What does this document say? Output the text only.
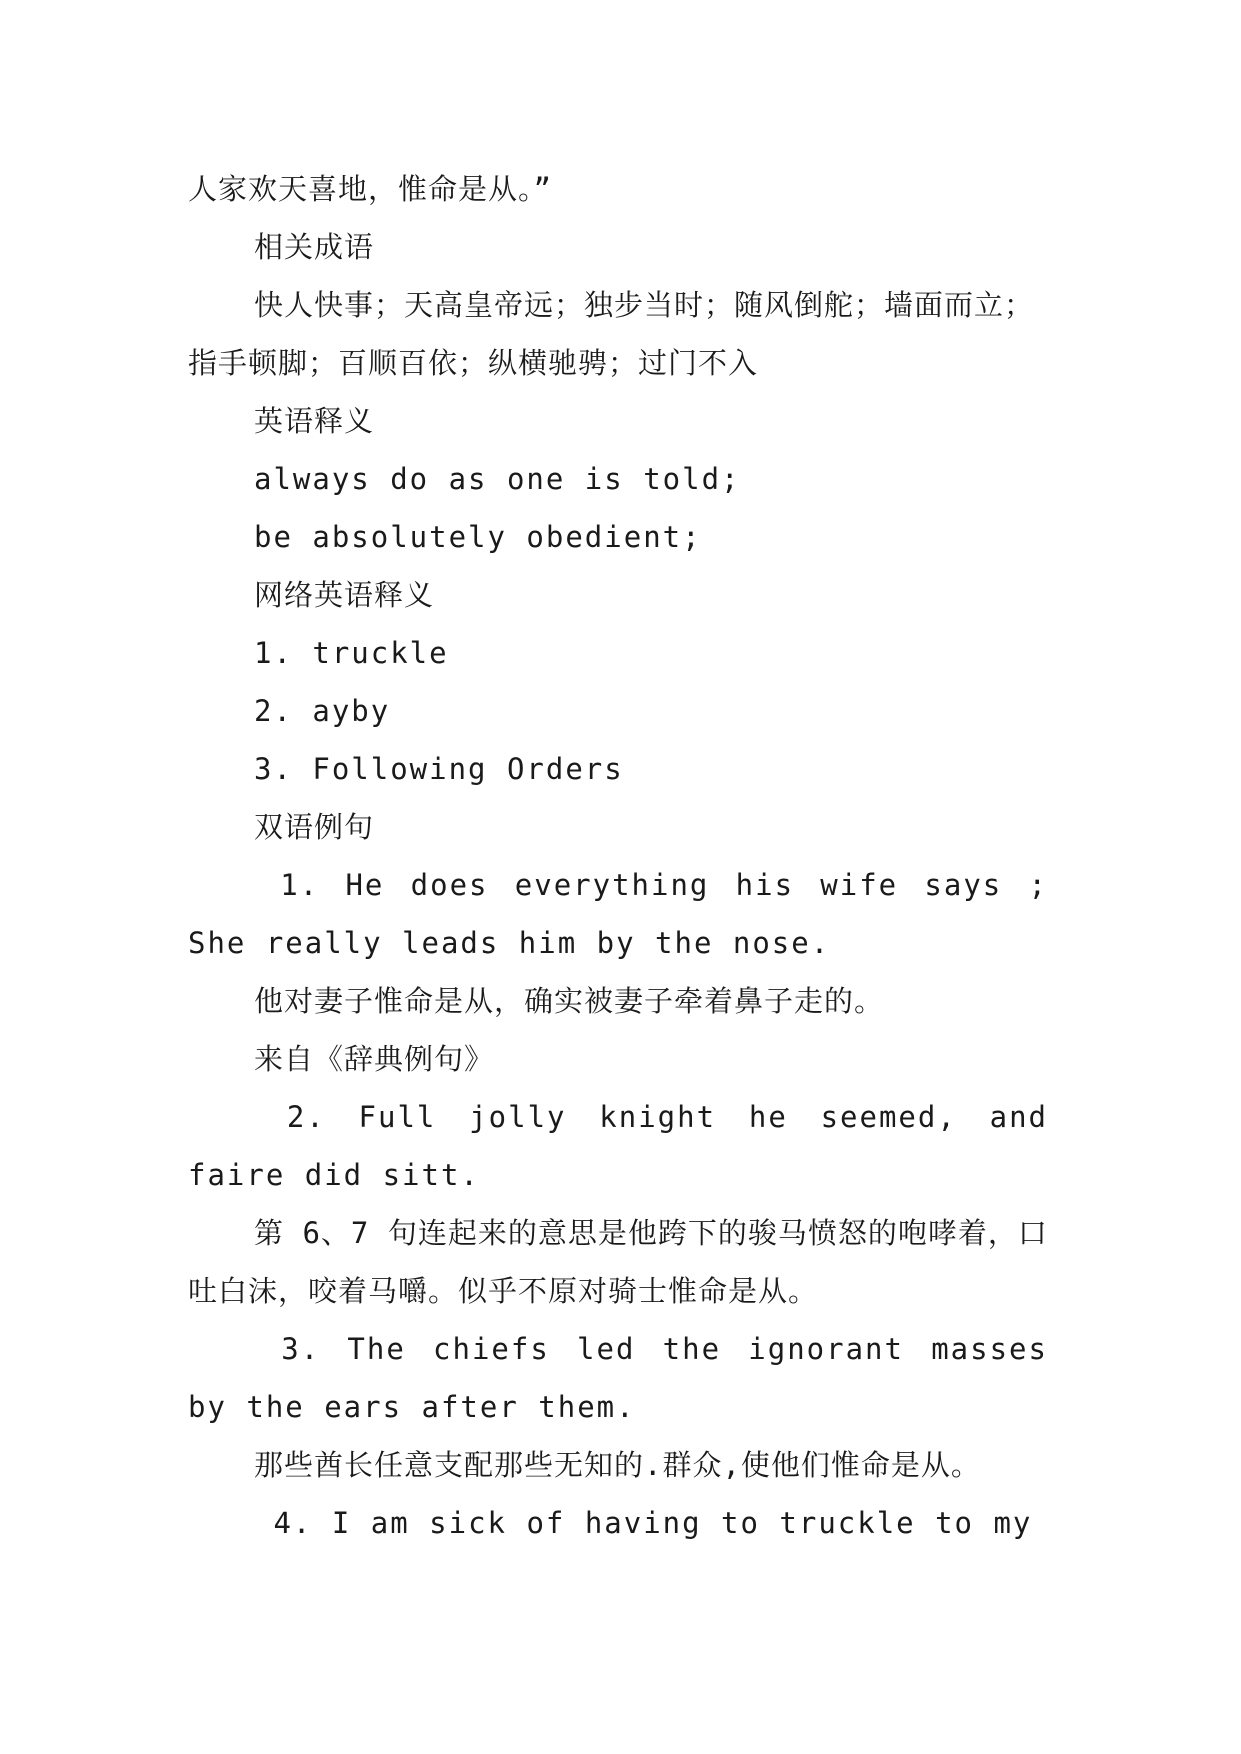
人家欢天喜地，惟命是从。”

相关成语

快人快事；天高皇帝远；独步当时；随风倒舵；墙面而立；指手顿脚；百顺百依；纵横驰骋；过门不入

英语释义

always do as one is told;

be absolutely obedient;

网络英语释义

1. truckle

2. ayby

3. Following Orders

双语例句

1. He does everything his wife says ; She really leads him by the nose.

他对妻子惟命是从，确实被妻子牵着鼻子走的。

来自《辞典例句》

2. Full jolly knight he seemed, and faire did sitt.

第 6、7 句连起来的意思是他跨下的骏马愤怒的咆哮着，口吐白沫，咬着马嚼。似乎不原对骑士惟命是从。

3. The chiefs led the ignorant masses by the ears after them.

那些酋长任意支配那些无知的.群众,使他们惟命是从。

4. I am sick of having to truckle to my
